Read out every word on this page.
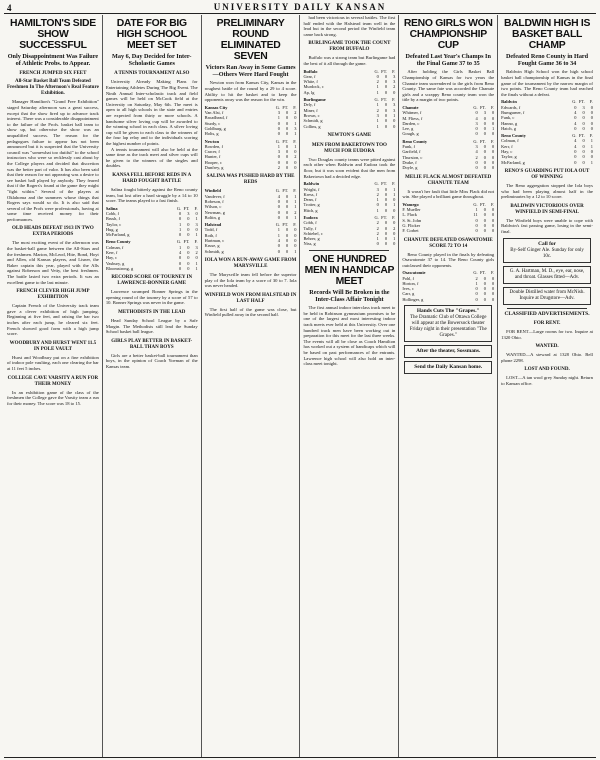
4	UNIVERSITY DAILY KANSAN
HAMILTON'S SIDE SHOW SUCCESSFUL
Only Disappointment Was Failure of Athletic Probs. to Appear.
FRENCH JUMPED SIX FEET
All-Star Basket Ball Team Defeated Freshmen In The Afternoon's Real Feature Exhibition.

Manager Hamilton's "Grand Free Exhibition" staged Saturday afternoon was a great success, except that the show fired up to advance track interest. There was a considerable disappointment to the failure of the Profs. basket ball team to show up, but otherwise the show was an unqualified success. The reason for the pedagogues failure to appear has not been announced but it is suspected that the University council was "somewhat too dutiful" to the school instructors who were so recklessly cast about by the College players and decided that discretion was the better part of valor. It has also been said that their reason for not appearing was a desire to see basket ball played by anybody. They feared that if the Rogers's found at the game they might "fight within." Several of the players at Oklahoma and the summers whose things that Rogers says would so do. It is also said that several of the Profs were professionals, having at some time received money for their performances.

OLD HEADS DEFEAT 1913 IN TWO EXTRA PERIODS

The most exciting event of the afternoon was the basket-ball game between the All-Stars and the freshmen. Marion, McLeod, Hite, Bond, Hoyt and Allen, old Kansas players, and Lisner, the Baker captain this year, played with the Alls against Roberson and Vetty, the best freshmen. The battle lasted two extra periods. It was an excellent game to the last minute.

FRENCH CLEVER HIGH JUMP EXHIBITION

Captain French of the University track team gave a clever exhibition of high jumping. Beginning at five feet, and raising the bar two inches after each jump, he cleared six feet. French showed good form with a high jump score.

WOODBURY AND HURST WENT 11.5 IN POLE VAULT

Hurst and Woodbury put on a fine exhibition of indoor pole vaulting, each one clearing the bar at 11 feet 5 inches.

COLLEGE CAVE VARSITY A RUN FOR THEIR MONEY

In an exhibition game of the class of the freshmen the College gave the Varsity team a run for their money. The score was 18 to 15.

DATE FOR BIG HIGH SCHOOL MEET SET
May 6, Day Decided for Inter-Scholastic Games
A TENNIS TOURNAMENT ALSO

University Already Making Plans for Entertaining Athletes During The Big Event. The Ninth Annual Inter-scholastic track and field games will be held on McCook field at the University on Saturday, May 6th. The meet is open to all high schools in the state and entries are expected from thirty or more schools. A handsome silver loving cup will be awarded to the winning school in each class. A silver loving cup will be given to each class to the winners of the four lap relay and to the individuals scoring the highest number of points.

A tennis tournament will also be held at the same time as the track meet and silver cups will be given to the winners of the singles and doubles.

KANSA FELL BEFORE REDS IN A HARD FOUGHT BATTLE

Salina fought bitterly against the Reno county team, but lost after a hard struggle by a 14 to 10 score. The teams played to a fast finish.

Salina	G.	FT.	F.
Cobb, f	0	3	0
Brush, f	0	0	1
Taylor, c	1	0	3
Hug, g	1	0	0
McFarland, g	0	0	1
Reno County	G.	FT.	F.
Colman, f	1	0	3
Kerr, f	4	0	2
Hay, c	0	0	0
Vasbury, g	0	0	1
Bloomstrong, g	0	0	1
RECORD SCORE OF TOURNEY IN LAWRENCE-BONNER GAME

Lawrence swamped Bonner Springs in the opening round of the tourney by a score of 57 to 10. Bonner Springs was never in the game.

METHODISTS IN THE LEAD

Head Sunday School League by a Safe Margin. The Methodists still lead the Sunday School basket ball league.

GIRLS PLAY BETTER IN BASKET-BALL THAN BOYS

Girls are a better basket-ball tournament than boys, in the opinion of Coach Yoeman of the Kansas team.

PRELIMINARY ROUND ELIMINATED SEVEN
Victors Ran Away in Some Games—Others Were Hard Fought

Newton won from Kansas City, Kansas in the roughest battle of the round by a 29 to 4 score. Ability to hit the basket and to keep the opponents away was the reason for the win.

Kansas City	G.	FT.	F.
Van Alst, f	3	0	2
Broadhead, f	1	0	0
Sturdy, c	0	0	1
Goldburg, g	0	0	3
Holts, g	0	0	1
Newton	G.	FT.	F.
Bowden, f	1	0	1
Cracer, f	3	0	0
Hunter, f	0	0	2
Hooper, c	0	0	0
Dunfrey, g	2	0	0
SALINA WAS PUSHED HARD BY THE REDS
Winfield	G.	FT.	F.
Vandever, f	4	0	1
Robeson, f	0	0	1
Wilson, c	0	0	1
Newman, g	0	0	2
Boltin, g	0	0	1
Halstead	G.	FT.	F.
Todd, f	1	0	0
Roth, f	1	0	0
Hartman, c	4	0	0
Kruse, g	0	0	0
Schmidt, g	0	0	1
IOLA WON A RUN-AWAY GAME FROM MARYSVILLE

The Marysville team fell before the superior play of the Iola team by a score of 30 to 7. Iola was never headed.

WINFIELD WON FROM HALSTEAD IN LAST HALF

The first half of the game was close, but Winfield pulled away in the second half.

had been victorious in several battles. The first half ended with the Halstead team well in the lead but in the second period the Winfield team came back strong.

BURLINGAME TOOK THE COUNT FROM BUFFALO

Buffalo was a strong team but Burlingame had the best of it all through the game.

Buffalo	G.	FT.	F.
Gear, f	0	0	3
White, f	2	0	3
Murdock, c	1	0	2
Ap, lg	1	0	0
Burlingame	G.	FT.	F.
Dely, f	1	0	3
Miner, f	2	0	3
Brown, c	3	0	1
Schmidt, g	1	0	0
Collins, g	1	0	0
NEWTON'S GAME
MEN FROM BAKERTOWN TOO MUCH FOR EUDORA

Two Douglas county teams were pitted against each other when Baldwin and Eudora took the floor, but it was soon evident that the men from Bakertown had a decided edge.

Baldwin	G.	FT.	F.
Wright, f	3	0	1
Kress, f	2	0	1
Dean, f	1	0	0
Trotter, g	0	0	1
Hitch, g	1	0	0
Eudora	G.	FT.	F.
Cobb, f	2	0	0
Tully, f	2	0	2
Schiebel, c	2	0	0
Behrer, g	1	0	1
Niss, g	0	0	0
ONE HUNDRED MEN IN HANDICAP MEET
Records Will Be Broken in the Inter-Class Affair Tonight

The first annual indoor interclass track meet to be held in Robinson gymnasium promises to be one of the largest and most interesting indoor track meets ever held at this University. Over one hundred track men have been working out in preparation for this meet for the last three weeks. The events will all be close as Coach Hamilton has worked out a system of handicaps which will be based on past performances of the entrants. Lawrence high school will also hold an inter-class meet tonight.

RENO GIRLS WON CHAMPIONSHIP CUP
Defeated Last Year's Champs In the Final Game 37 to 35

After holding the Girls Basket Ball Championship of Kansas for two years the Chanute team surrendered to the girls from Reno County. The same fate was accorded the Chanute girls and a scrappy Reno county team won the title by a margin of two points.

Chanute	G.	FT.	F.
Whitmer, f	0	3	0
M. Fliess, f	4	0	0
Darden, c	3	0	0
Lee, g	0	0	1
Gough, g	0	0	0
Reno County	G.	FT.	F.
Funk, f	3	0	0
Garfield, f	4	0	0
Thurston, c	2	0	0
Drake, f	0	0	0
Doyle, g	0	0	0
MELIE FLACK ALMOST DEFEATED CHANUTE TEAM

It wasn't her fault that little Miss Flack did not win. She played a brilliant game throughout.

Wamego	G.	FT.	F.
F. Mueller	1	0	0
L. Flack	11	0	0
S. St. John	0	0	0
G. Flicker	0	0	0
F. Corbet	0	0	0
CHANUTE DEFEATED OSAWATOMIE SCORE 72 TO 14

Reno County played in the finals by defeating Osawatomie 37 to 14. The Reno County girls outclassed their opponents.

Osawatomie	G.	FT.	F.
Pohl, f	2	0	0
Horton, f	1	0	0
Ives, c	0	0	0
Carr, g	0	0	0
Hollinger, g	0	0	0
Hands Cuts The "Grapes."
The Dramatic Club of Ottawa College will appear at the Bowersock theater Friday night in their presentation "The Grapes."
After the theater, Sossmans.
Send the Daily Kansan home.
BALDWIN HIGH IS BASKET BALL CHAMP
Defeated Reno County in Hard Fought Game 36 to 34

Baldwin High School won the high school basket ball championship of Kansas in the final game of the tournament by the narrow margin of two points. The Reno County team had reached the finals without a defeat.

Baldwin	G.	FT.	F.
Edwards, f	0	3	0
Bumgarner, f	4	0	0
Funk, c	0	0	0
Hanno, g	4	0	0
Hatch, g	0	0	0
Reno County	G.	FT.	F.
Colman, f	4	0	1
Kerr, f	4	0	1
Hay, c	0	0	0
Taylor, g	0	0	0
McFarland, g	0	0	1
RENO'S GUARDING PUT IOLA OUT OF WINNING

The Reno aggregation stopped the Iola boys who had been playing almost half in the preliminaries by a 12 to 10 score.

BALDWIN VICTORIOUS OVER WINFIELD IN SEMI-FINAL

The Winfield boys were unable to cope with Baldwin's fast passing game, losing in the semi-final.

Call for
By-Self Ginger Ale. Sunday for only 10c.
G. A. Hartman, M. D., eye, ear, nose, and throat. Glasses fitted—Adv.
Double Distilled water from McNish. Inquire at Drugstore—Adv.
CLASSIFIED ADVERTISEMENTS.
FOR RENT.

FOR RENT—Large rooms for two. Inquire at 1320 Ohio.

WANTED.

WANTED—A steward at 1328 Ohio. Bell phone 2298.

LOST AND FOUND.

LOST—A tan wool grey Sunday night. Return to Kansan office.
